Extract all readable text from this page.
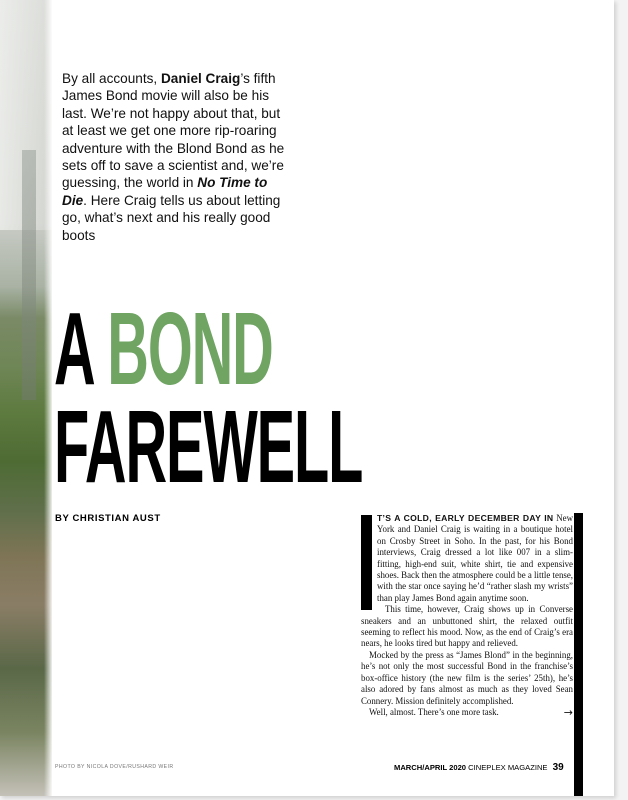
By all accounts, Daniel Craig’s fifth James Bond movie will also be his last. We’re not happy about that, but at least we get one more rip-roaring adventure with the Blond Bond as he sets off to save a scientist and, we’re guessing, the world in No Time to Die. Here Craig tells us about letting go, what’s next and his really good boots

A BOND
FAREWELL

BY CHRISTIAN AUST	T’S A COLD, EARLY DECEMBER DAY IN New York and Daniel Craig is waiting in a boutique hotel on Crosby Street in Soho. In the past, for his Bond interviews, Craig dressed a lot like 007 in a slim-fitting, high-end suit, white shirt, tie and expensive shoes. Back then the atmosphere could be a little tense, with the star once saying he’d “rather slash my wrists” than play James Bond again anytime soon.

This time, however, Craig shows up in Converse sneakers and an unbuttoned shirt, the relaxed outfit seeming to reflect his mood. Now, as the end of Craig’s era nears, he looks tired but happy and relieved.

Mocked by the press as “James Blond” in the beginning, he’s not only the most successful Bond in the franchise’s box-office history (the new film is the series’ 25th), he’s also adored by fans almost as much as they loved Sean Connery. Mission definitely accomplished.

Well, almost. There’s one more task.	→

PHOTO BY NICOLA DOVE/RUSHARD WEIR	MARCH/APRIL 2020 CINEPLEX MAGAZINE 39
